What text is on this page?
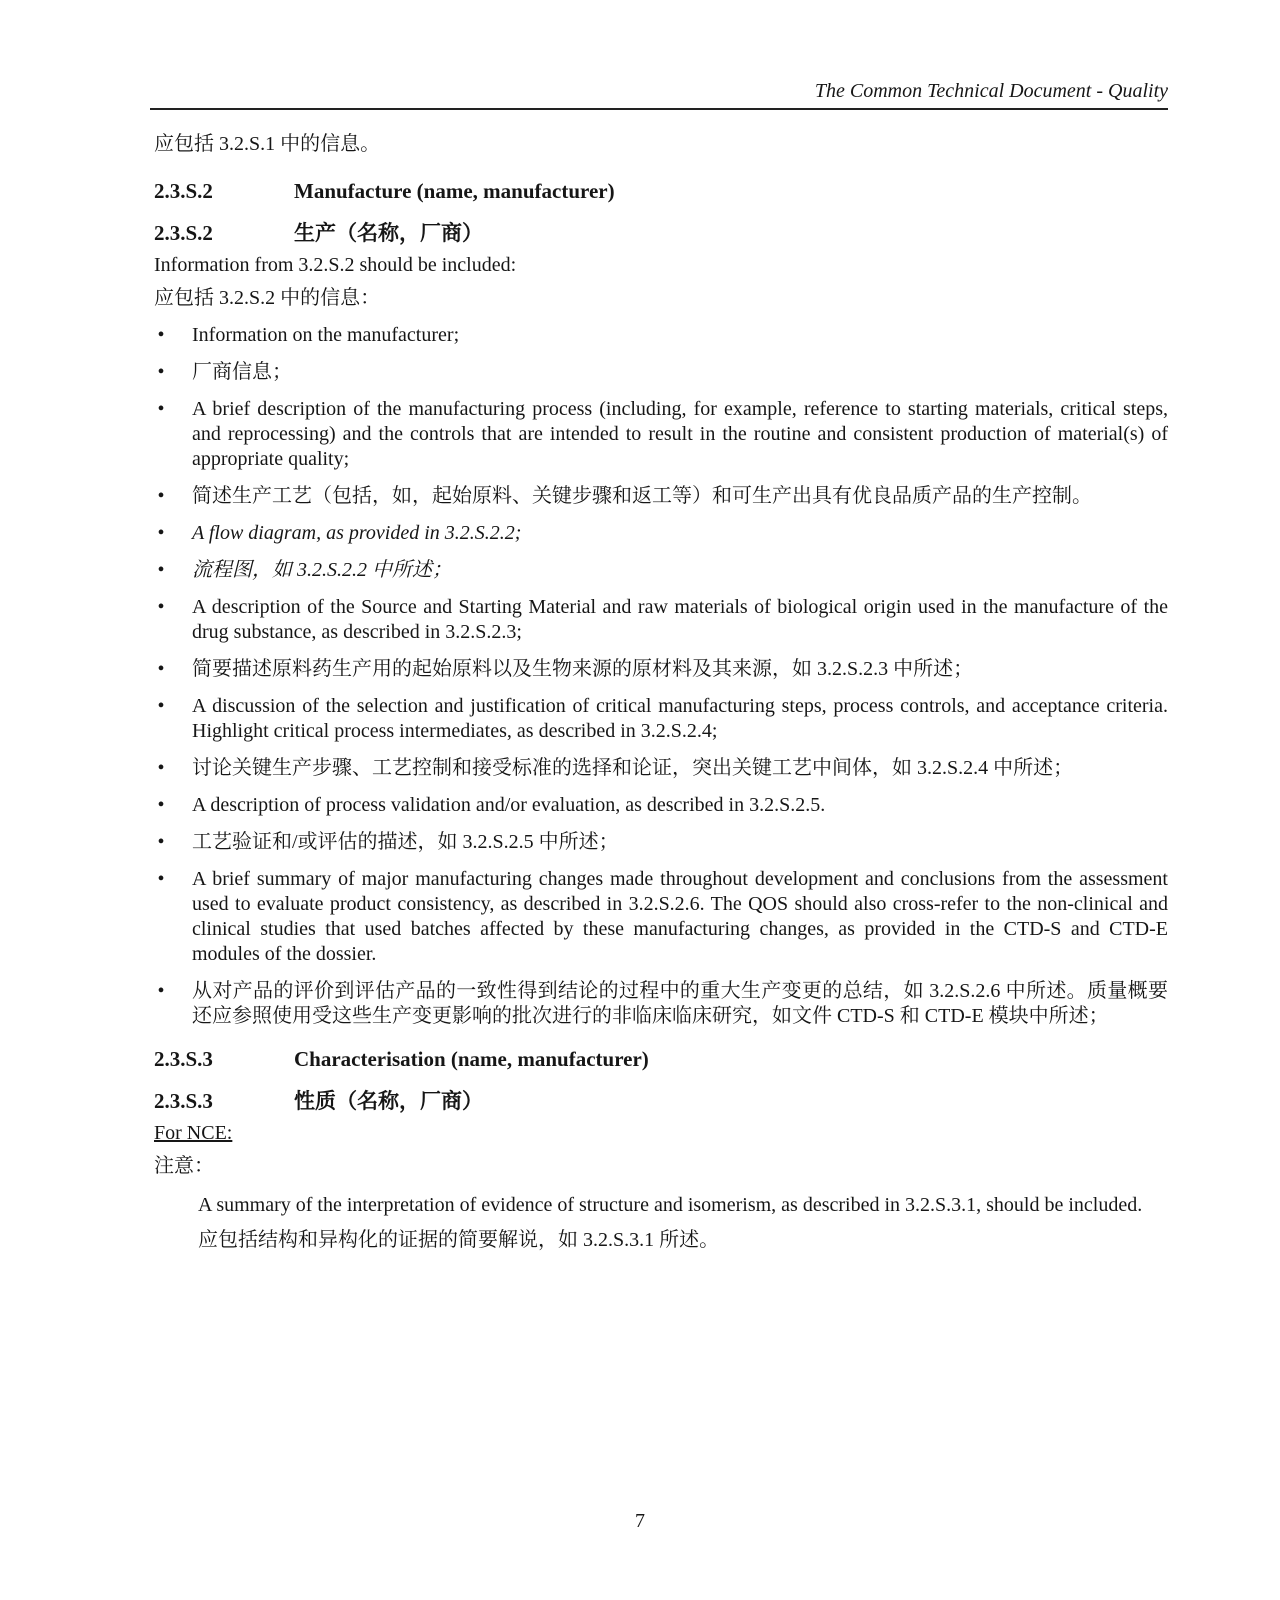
The Common Technical Document - Quality

应包括 3.2.S.1 中的信息。

2.3.S.2	Manufacture (name, manufacturer)
2.3.S.2	生产（名称，厂商）

Information from 3.2.S.2 should be included:

应包括 3.2.S.2 中的信息：

• Information on the manufacturer;
• 厂商信息；
• A brief description of the manufacturing process (including, for example, reference to starting materials, critical steps, and reprocessing) and the controls that are intended to result in the routine and consistent production of material(s) of appropriate quality;
• 简述生产工艺（包括，如，起始原料、关键步骤和返工等）和可生产出具有优良品质产品的生产控制。
• A flow diagram, as provided in 3.2.S.2.2;
• 流程图，如 3.2.S.2.2 中所述；
• A description of the Source and Starting Material and raw materials of biological origin used in the manufacture of the drug substance, as described in 3.2.S.2.3;
• 简要描述原料药生产用的起始原料以及生物来源的原材料及其来源，如 3.2.S.2.3 中所述；
• A discussion of the selection and justification of critical manufacturing steps, process controls, and acceptance criteria. Highlight critical process intermediates, as described in 3.2.S.2.4;
• 讨论关键生产步骤、工艺控制和接受标准的选择和论证，突出关键工艺中间体，如 3.2.S.2.4 中所述；
• A description of process validation and/or evaluation, as described in 3.2.S.2.5.
• 工艺验证和/或评估的描述，如 3.2.S.2.5 中所述；
• A brief summary of major manufacturing changes made throughout development and conclusions from the assessment used to evaluate product consistency, as described in 3.2.S.2.6. The QOS should also cross-refer to the non-clinical and clinical studies that used batches affected by these manufacturing changes, as provided in the CTD-S and CTD-E modules of the dossier.
• 从对产品的评价到评估产品的一致性得到结论的过程中的重大生产变更的总结，如 3.2.S.2.6 中所述。质量概要还应参照使用受这些生产变更影响的批次进行的非临床临床研究，如文件 CTD-S 和 CTD-E 模块中所述；
2.3.S.3	Characterisation (name, manufacturer)
2.3.S.3	性质（名称，厂商）

For NCE:

注意：

A summary of the interpretation of evidence of structure and isomerism, as described in 3.2.S.3.1, should be included.

应包括结构和异构化的证据的简要解说，如 3.2.S.3.1 所述。

7
